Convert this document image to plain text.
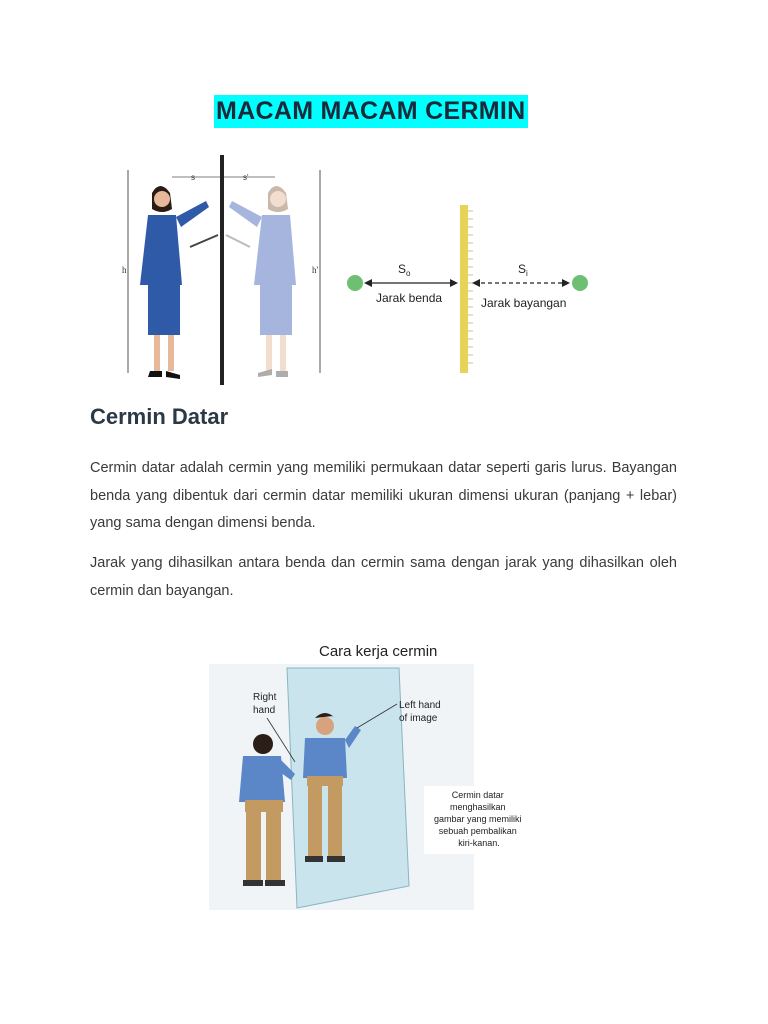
MACAM MACAM CERMIN
h	h'
s	s'
$S_o$	$S_i$
Jarak benda	Jarak bayangan
Cermin Datar

Cermin datar adalah cermin yang memiliki permukaan datar seperti garis lurus. Bayangan benda yang dibentuk dari cermin datar memiliki ukuran dimensi ukuran (panjang + lebar) yang sama dengan dimensi benda.

Jarak yang dihasilkan antara benda dan cermin sama dengan jarak yang dihasilkan oleh cermin dan bayangan.

Cara kerja cermin
Right hand	Left hand of image
Cermin datar menghasilkan gambar yang memiliki sebuah pembalikan kiri-kanan.
